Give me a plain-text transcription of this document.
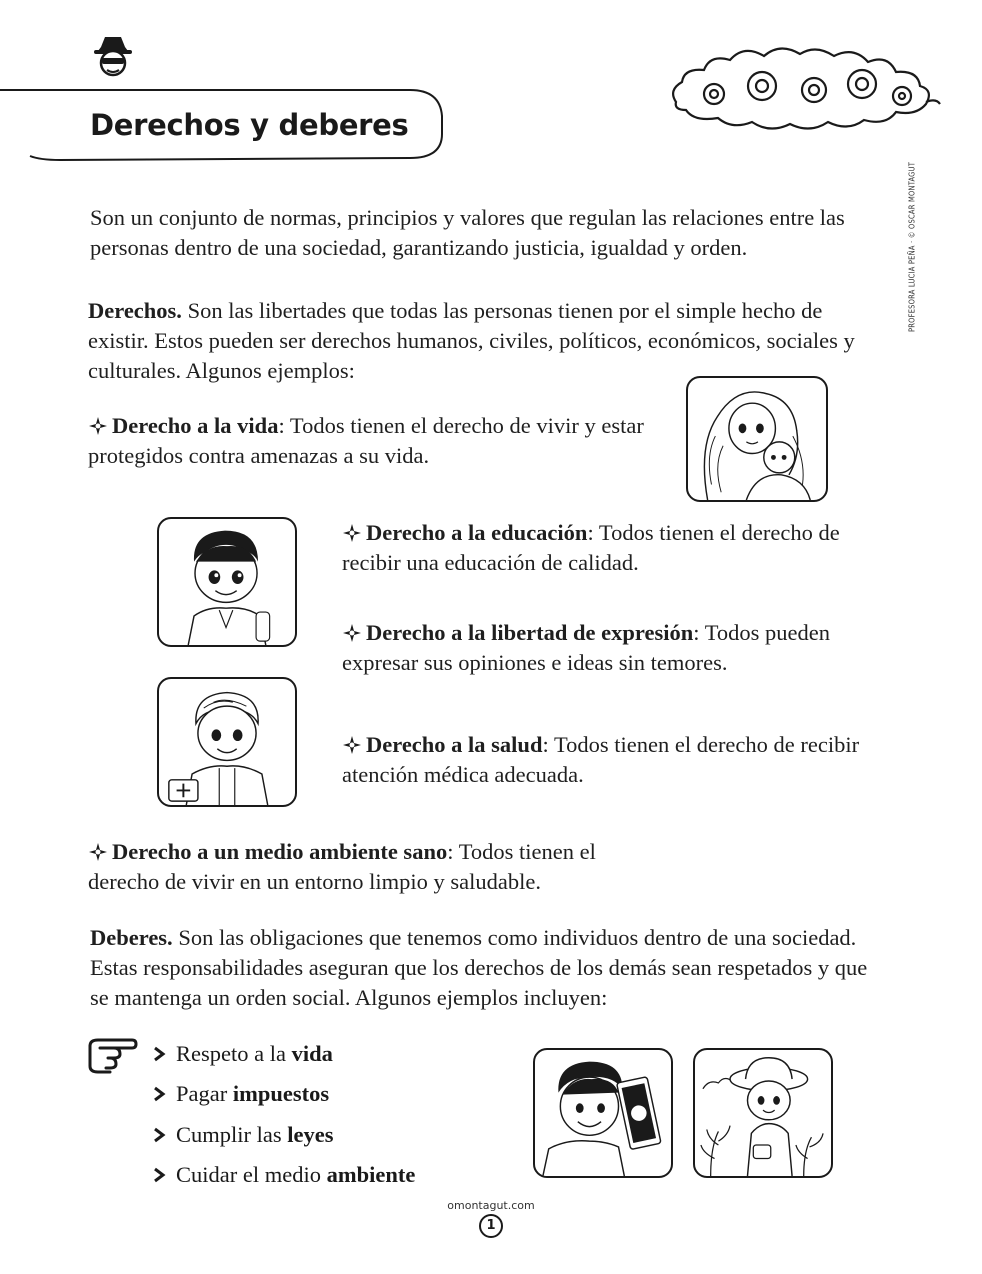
Derechos y deberes
PROFESORA LUCIA PEÑA · © OSCAR MONTAGUT
Son un conjunto de normas, principios y valores que regulan las relaciones entre las personas dentro de una sociedad, garantizando justicia, igualdad y orden.
Derechos. Son las libertades que todas las personas tienen por el simple hecho de existir. Estos pueden ser derechos humanos, civiles, políticos, económicos, sociales y culturales. Algunos ejemplos:
Derecho a la vida: Todos tienen el derecho de vivir y estar protegidos contra amenazas a su vida.
Derecho a la educación: Todos tienen el derecho de recibir una educación de calidad.
Derecho a la libertad de expresión: Todos pueden expresar sus opiniones e ideas sin temores.
Derecho a la salud: Todos tienen el derecho de recibir atención médica adecuada.
Derecho a un medio ambiente sano: Todos tienen el derecho de vivir en un entorno limpio y saludable.
Deberes. Son las obligaciones que tenemos como individuos dentro de una sociedad. Estas responsabilidades aseguran que los derechos de los demás sean respetados y que se mantenga un orden social. Algunos ejemplos incluyen:
Respeto a la vida
Pagar impuestos
Cumplir las leyes
Cuidar el medio ambiente
omontagut.com
1
